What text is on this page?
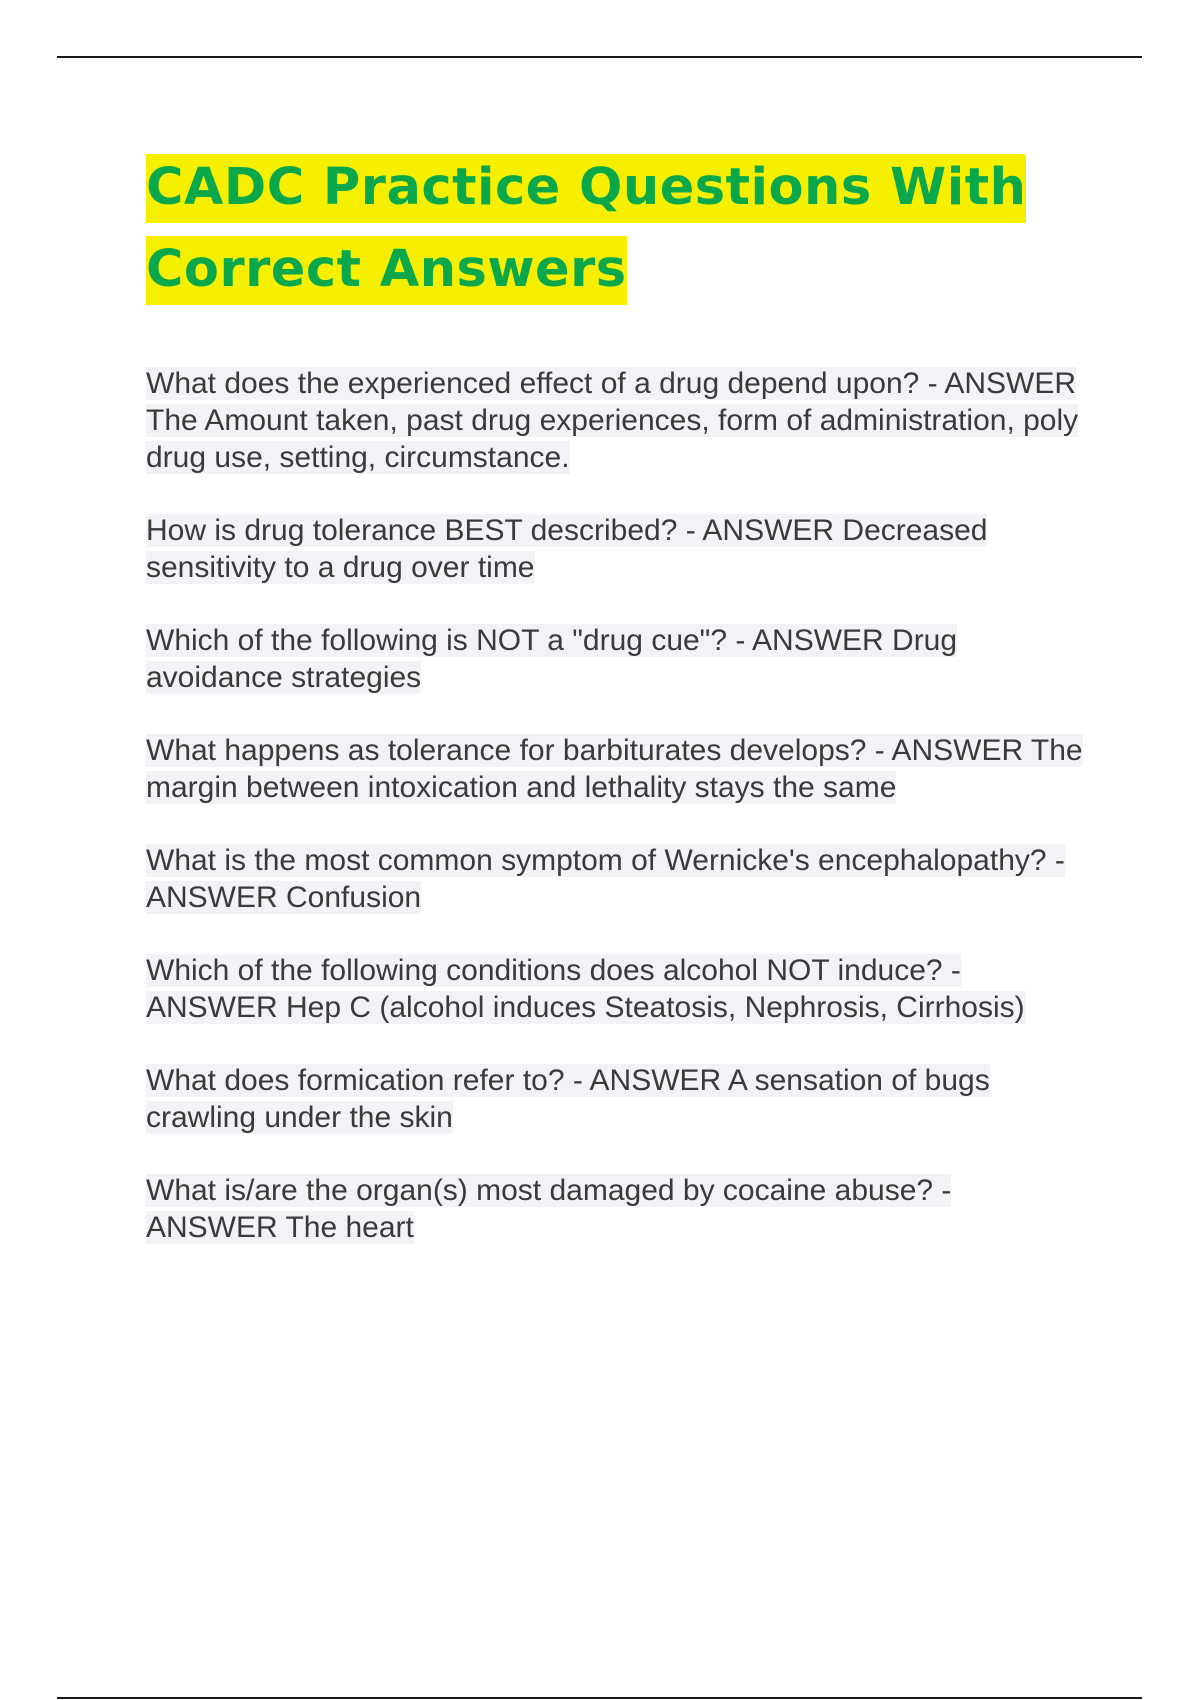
CADC Practice Questions With Correct Answers
What does the experienced effect of a drug depend upon? - ANSWER The Amount taken, past drug experiences, form of administration, poly drug use, setting, circumstance.
How is drug tolerance BEST described? - ANSWER Decreased sensitivity to a drug over time
Which of the following is NOT a "drug cue"? - ANSWER Drug avoidance strategies
What happens as tolerance for barbiturates develops? - ANSWER The margin between intoxication and lethality stays the same
What is the most common symptom of Wernicke's encephalopathy? - ANSWER Confusion
Which of the following conditions does alcohol NOT induce? - ANSWER Hep C (alcohol induces Steatosis, Nephrosis, Cirrhosis)
What does formication refer to? - ANSWER A sensation of bugs crawling under the skin
What is/are the organ(s) most damaged by cocaine abuse? - ANSWER The heart
